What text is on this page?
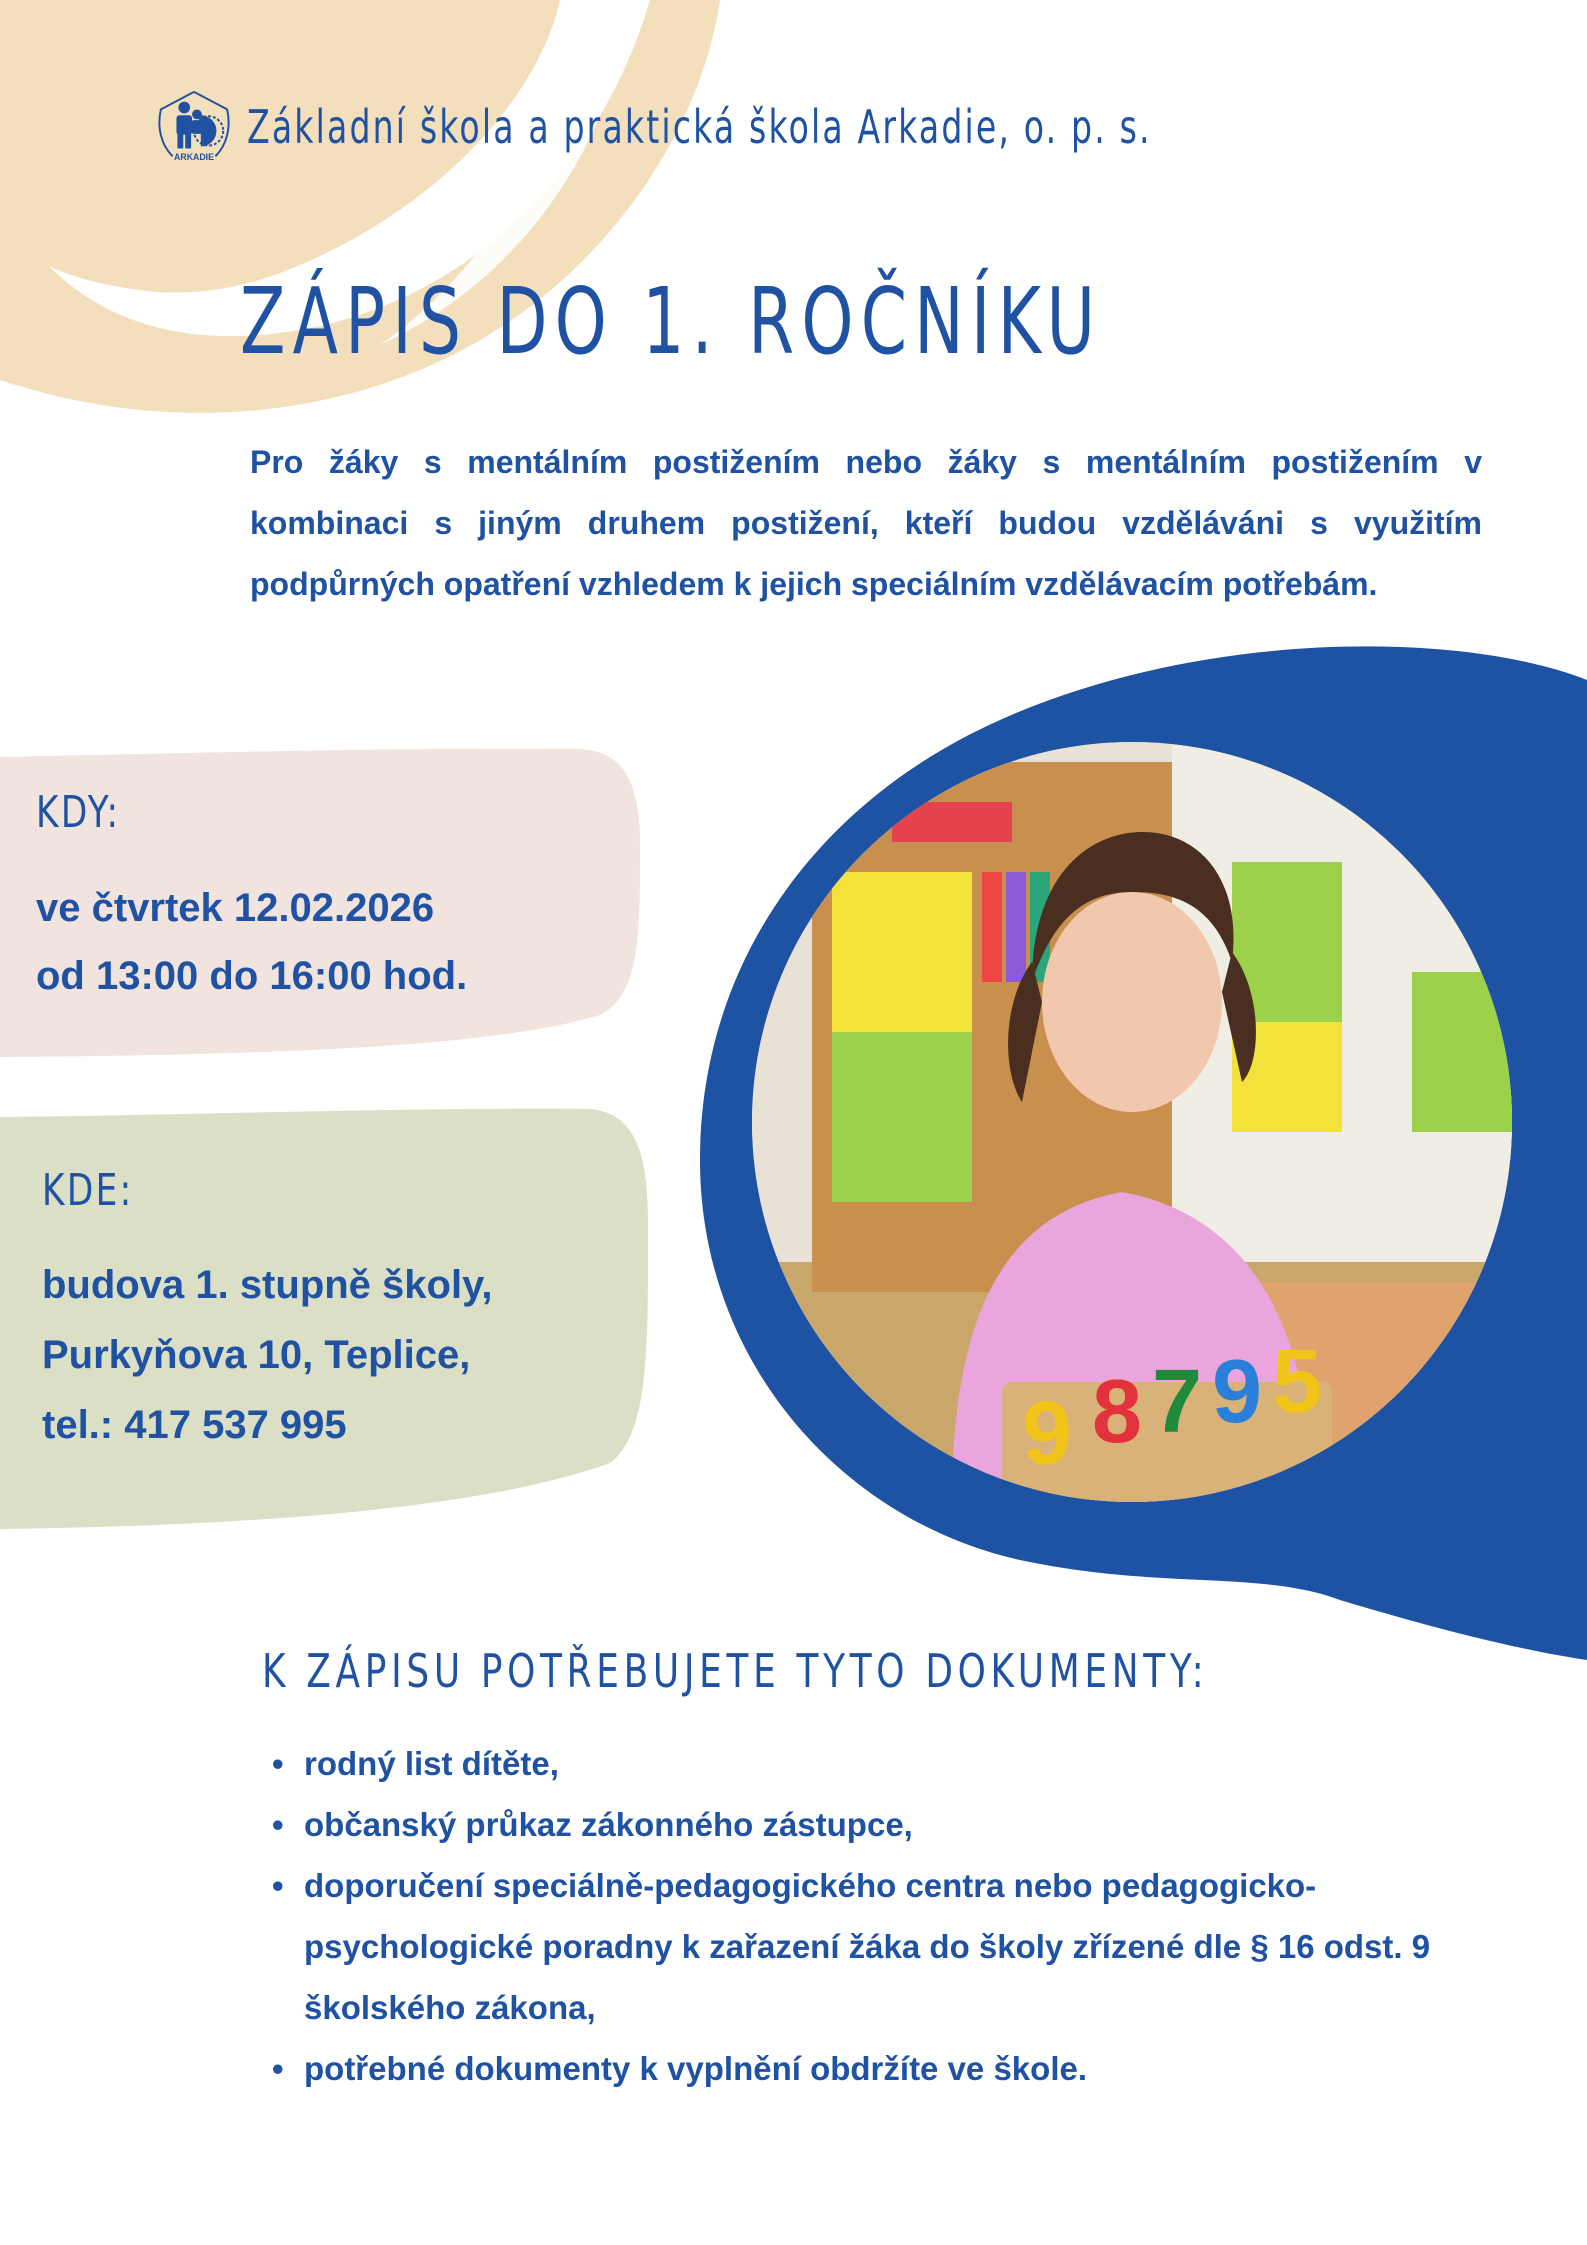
ARKADIE
Základní škola a praktická škola Arkadie, o. p. s.
ZÁPIS DO 1. ROČNÍKU

Pro žáky s mentálním postižením nebo žáky s mentálním postižením v kombinaci s jiným druhem postižení, kteří budou vzděláváni s využitím podpůrných opatření vzhledem k jejich speciálním vzdělávacím potřebám.

KDY:
ve čtvrtek 12.02.2026
od 13:00 do 16:00 hod.
KDE:
budova 1. stupně školy,
Purkyňova 10, Teplice,
tel.: 417 537 995	6 8 7 9 5
K ZÁPISU POTŘEBUJETE TYTO DOKUMENTY:
• rodný list dítěte,
• občanský průkaz zákonného zástupce,
• doporučení speciálně-pedagogického centra nebo pedagogicko-psychologické poradny k zařazení žáka do školy zřízené dle § 16 odst. 9 školského zákona,
• potřebné dokumenty k vyplnění obdržíte ve škole.
